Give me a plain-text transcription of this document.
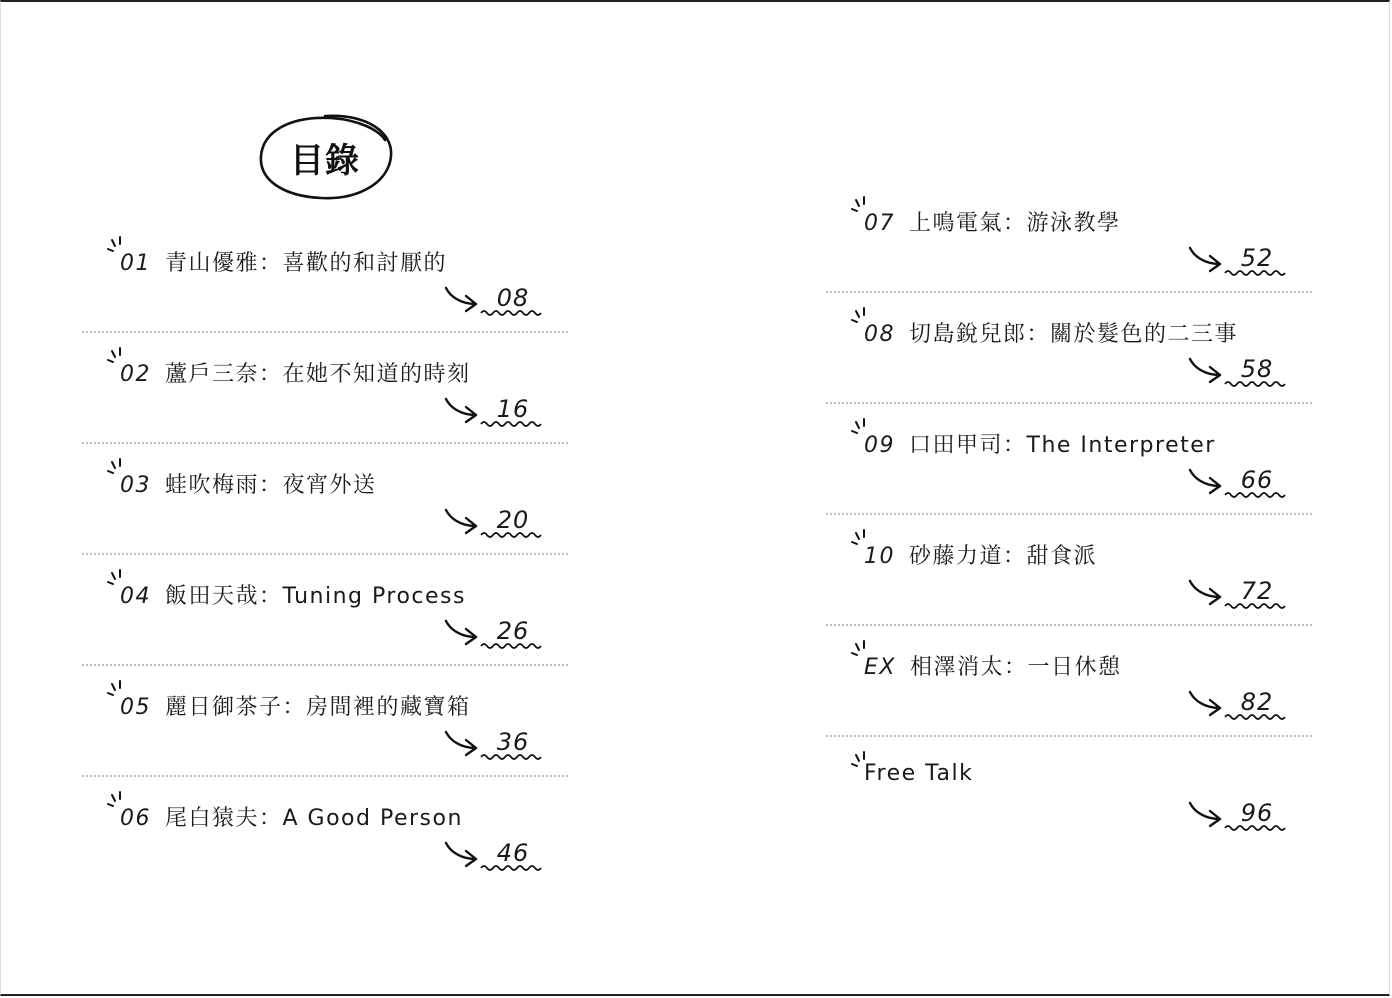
目錄
01 青山優雅：喜歡的和討厭的
08
02 蘆戶三奈：在她不知道的時刻
16
03 蛙吹梅雨：夜宵外送
20
04 飯田天哉：Tuning Process
26
05 麗日御茶子：房間裡的藏寶箱
36
06 尾白猿夫：A Good Person
46
07 上鳴電氣：游泳教學
52
08 切島銳兒郎：關於髮色的二三事
58
09 口田甲司：The Interpreter
66
10 砂藤力道：甜食派
72
EX 相澤消太：一日休憩
82
Free Talk
96
